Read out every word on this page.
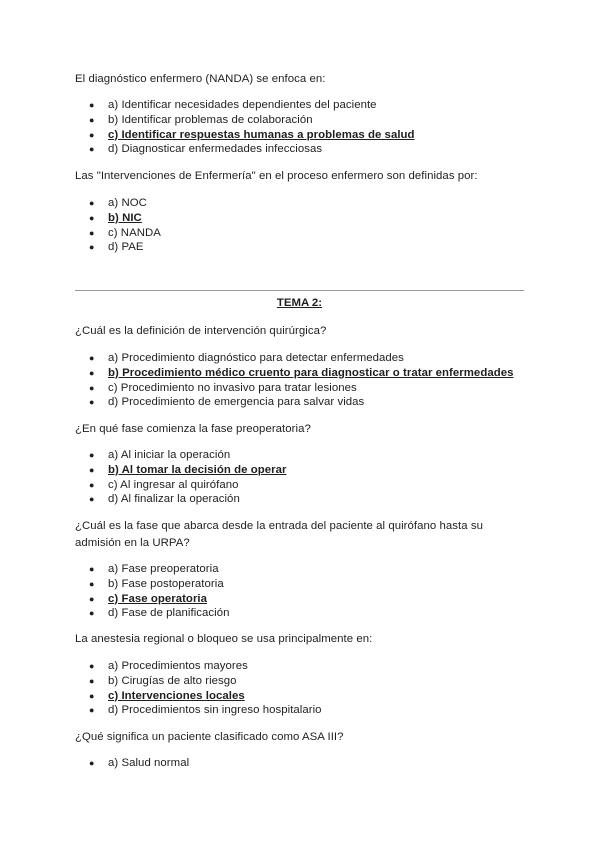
El diagnóstico enfermero (NANDA) se enfoca en:

● a) Identificar necesidades dependientes del paciente
● b) Identificar problemas de colaboración
● c) Identificar respuestas humanas a problemas de salud
● d) Diagnosticar enfermedades infecciosas

Las "Intervenciones de Enfermería" en el proceso enfermero son definidas por:

● a) NOC
● b) NIC
● c) NANDA
● d) PAE
TEMA 2:

¿Cuál es la definición de intervención quirúrgica?

● a) Procedimiento diagnóstico para detectar enfermedades
● b) Procedimiento médico cruento para diagnosticar o tratar enfermedades
● c) Procedimiento no invasivo para tratar lesiones
● d) Procedimiento de emergencia para salvar vidas

¿En qué fase comienza la fase preoperatoria?

● a) Al iniciar la operación
● b) Al tomar la decisión de operar
● c) Al ingresar al quirófano
● d) Al finalizar la operación

¿Cuál es la fase que abarca desde la entrada del paciente al quirófano hasta su admisión en la URPA?

● a) Fase preoperatoria
● b) Fase postoperatoria
● c) Fase operatoria
● d) Fase de planificación

La anestesia regional o bloqueo se usa principalmente en:

● a) Procedimientos mayores
● b) Cirugías de alto riesgo
● c) Intervenciones locales
● d) Procedimientos sin ingreso hospitalario

¿Qué significa un paciente clasificado como ASA III?

● a) Salud normal
